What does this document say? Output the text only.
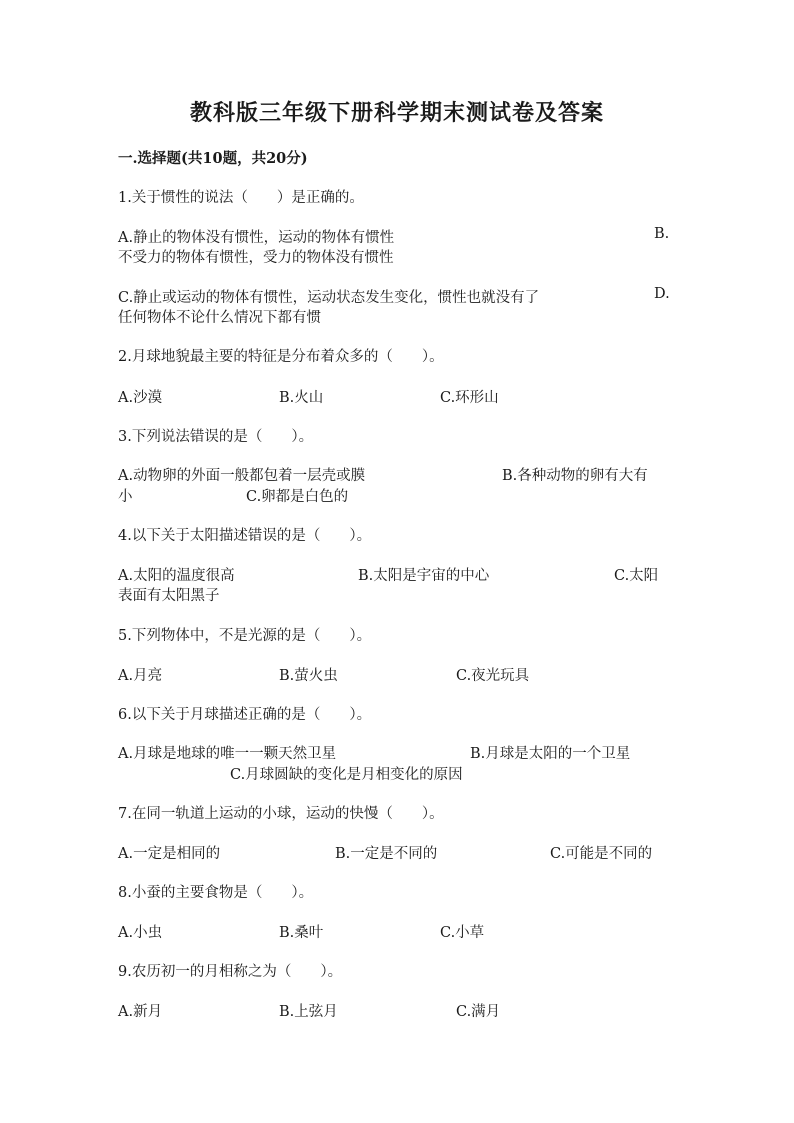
教科版三年级下册科学期末测试卷及答案
一.选择题(共10题，共20分)
1.关于惯性的说法（　　）是正确的。
A.静止的物体没有惯性，运动的物体有惯性	B.
不受力的物体有惯性，受力的物体没有惯性
C.静止或运动的物体有惯性，运动状态发生变化，惯性也就没有了	D.
任何物体不论什么情况下都有惯
2.月球地貌最主要的特征是分布着众多的（　　）。
A.沙漠	B.火山	C.环形山
3.下列说法错误的是（　　）。
A.动物卵的外面一般都包着一层壳或膜	B.各种动物的卵有大有
小	C.卵都是白色的
4.以下关于太阳描述错误的是（　　）。
A.太阳的温度很高	B.太阳是宇宙的中心	C.太阳
表面有太阳黑子
5.下列物体中，不是光源的是（　　）。
A.月亮	B.萤火虫	C.夜光玩具
6.以下关于月球描述正确的是（　　）。
A.月球是地球的唯一一颗天然卫星	B.月球是太阳的一个卫星
C.月球圆缺的变化是月相变化的原因
7.在同一轨道上运动的小球，运动的快慢（　　）。
A.一定是相同的	B.一定是不同的	C.可能是不同的
8.小蚕的主要食物是（　　）。
A.小虫	B.桑叶	C.小草
9.农历初一的月相称之为（　　）。
A.新月	B.上弦月	C.满月
